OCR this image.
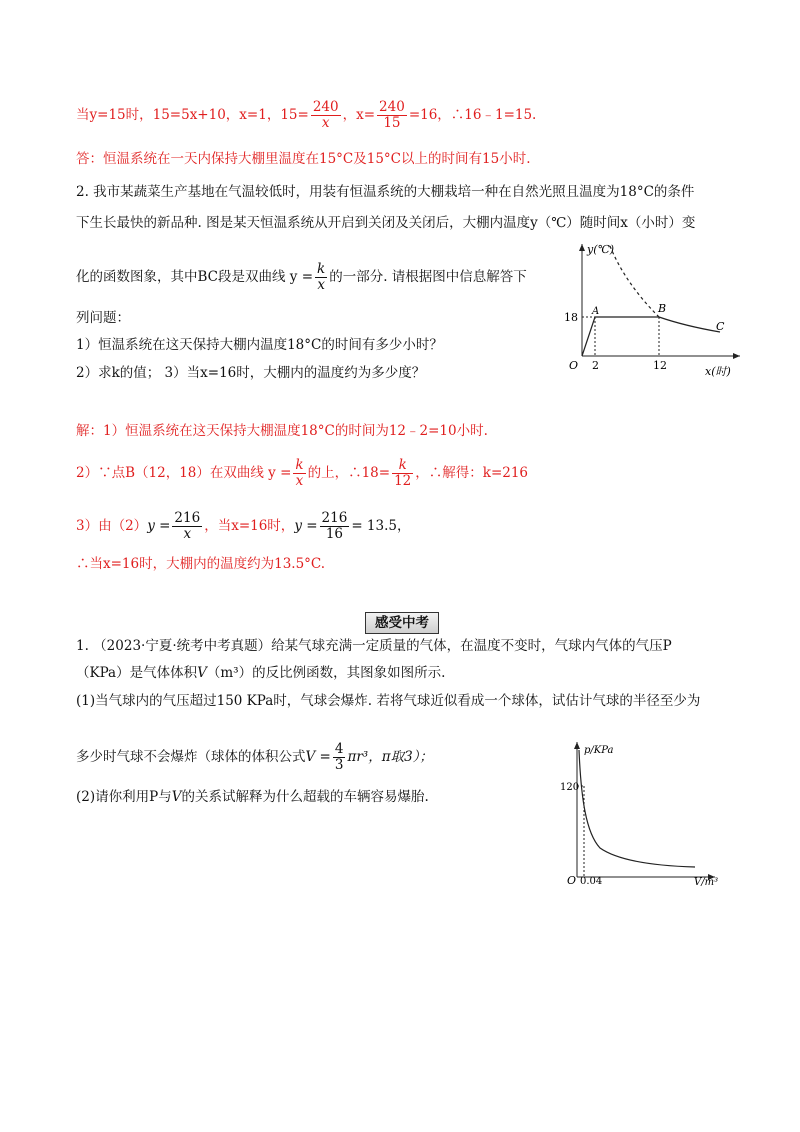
当y=15时，15=5x+10，x=1，$15= \frac{240}{x}$ ，$x= \frac{240}{15} =16$，∴16﹣1=15.
答：恒温系统在一天内保持大棚里温度在15°C及15°C以上的时间有15小时.
2. 我市某蔬菜生产基地在气温较低时，用装有恒温系统的大棚栽培一种在自然光照且温度为18°C的条件
下生长最快的新品种. 图是某天恒温系统从开启到关闭及关闭后，大棚内温度y（℃）随时间x（小时）变
化的函数图象，其中BC段是双曲线 $y = \frac{k}{x}$ 的一部分. 请根据图中信息解答下
列问题：
1）恒温系统在这天保持大棚内温度18°C的时间有多少小时？
2）求k的值； 3）当x=16时，大棚内的温度约为多少度？
y(℃)
x(时)
O
18
2	12
A	B
C
解：1）恒温系统在这天保持大棚温度18°C的时间为12﹣2=10小时.
2）∵点B（12，18）在双曲线 $y = \frac{k}{x}$ 的上，∴18= $\frac{k}{12}$ ，∴解得：k=216
3）由$(2)y = \frac{216}{x}$ ，当x=16时，$y = \frac{216}{16} = 13.5$，
∴当x=16时，大棚内的温度约为13.5°C.
感受中考
1. （2023·宁夏·统考中考真题）给某气球充满一定质量的气体，在温度不变时，气球内气体的气压P
（KPa）是气体体积V（m³）的反比例函数，其图象如图所示.
(1)当气球内的气压超过150 KPa时，气球会爆炸. 若将气球近似看成一个球体，试估计气球的半径至少为
多少时气球不会爆炸（球体的体积公式$V = \frac{4}{3} \pi r^3$，π取3）；
(2)请你利用P与V的关系试解释为什么超载的车辆容易爆胎.
p/KPa
V/m³
O
120
0.04
